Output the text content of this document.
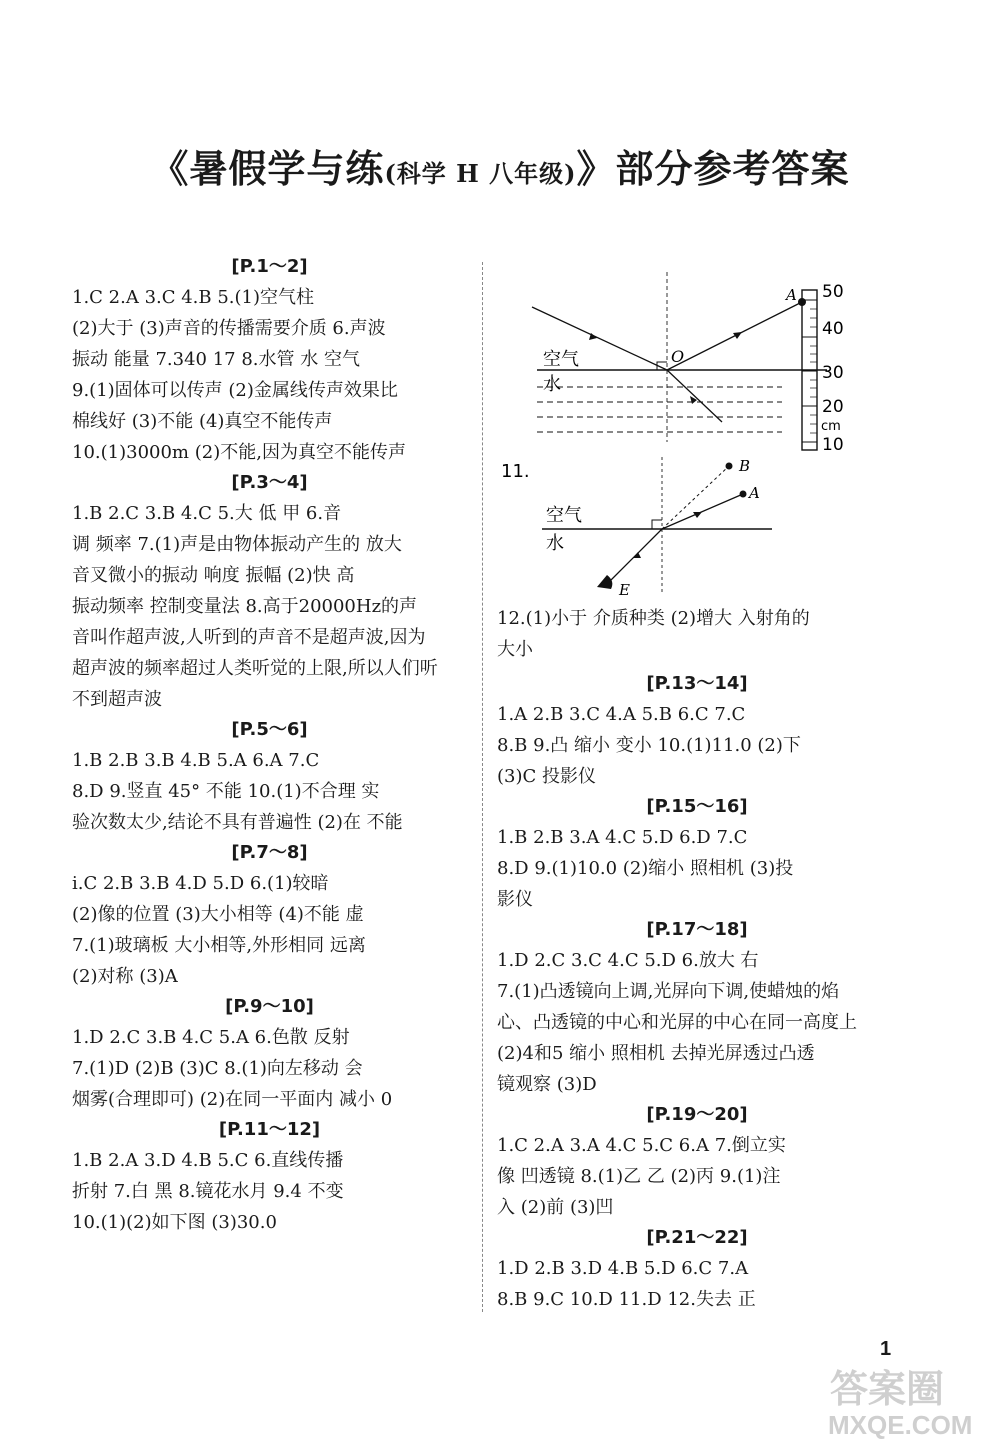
《暑假学与练(科学 H 八年级)》部分参考答案
[P.1～2]
1.C 2.A 3.C 4.B 5.(1)空气柱
(2)大于 (3)声音的传播需要介质 6.声波
振动 能量 7.340 17 8.水管 水 空气
9.(1)固体可以传声 (2)金属线传声效果比
棉线好 (3)不能 (4)真空不能传声
10.(1)3000m (2)不能,因为真空不能传声
[P.3～4]
1.B 2.C 3.B 4.C 5.大 低 甲 6.音
调 频率 7.(1)声是由物体振动产生的 放大
音叉微小的振动 响度 振幅 (2)快 高
振动频率 控制变量法 8.高于20000Hz的声
音叫作超声波,人听到的声音不是超声波,因为
超声波的频率超过人类听觉的上限,所以人们听
不到超声波
[P.5～6]
1.B 2.B 3.B 4.B 5.A 6.A 7.C
8.D 9.竖直 45° 不能 10.(1)不合理 实
验次数太少,结论不具有普遍性 (2)在 不能
[P.7～8]
i.C 2.B 3.B 4.D 5.D 6.(1)较暗
(2)像的位置 (3)大小相等 (4)不能 虚
7.(1)玻璃板 大小相等,外形相同 远离
(2)对称 (3)A
[P.9～10]
1.D 2.C 3.B 4.C 5.A 6.色散 反射
7.(1)D (2)B (3)C 8.(1)向左移动 会
烟雾(合理即可) (2)在同一平面内 减小 0
[P.11～12]
1.B 2.A 3.D 4.B 5.C 6.直线传播
折射 7.白 黑 8.镜花水月 9.4 不变
10.(1)(2)如下图 (3)30.0
空气
水
O
A 50
40
30
20
cm
10
11.
空气
水
B
A
E
12.(1)小于 介质种类 (2)增大 入射角的
大小
[P.13～14]
1.A 2.B 3.C 4.A 5.B 6.C 7.C
8.B 9.凸 缩小 变小 10.(1)11.0 (2)下
(3)C 投影仪
[P.15～16]
1.B 2.B 3.A 4.C 5.D 6.D 7.C
8.D 9.(1)10.0 (2)缩小 照相机 (3)投
影仪
[P.17～18]
1.D 2.C 3.C 4.C 5.D 6.放大 右
7.(1)凸透镜向上调,光屏向下调,使蜡烛的焰
心、凸透镜的中心和光屏的中心在同一高度上
(2)4和5 缩小 照相机 去掉光屏透过凸透
镜观察 (3)D
[P.19～20]
1.C 2.A 3.A 4.C 5.C 6.A 7.倒立实
像 凹透镜 8.(1)乙 乙 (2)丙 9.(1)注
入 (2)前 (3)凹
[P.21～22]
1.D 2.B 3.D 4.B 5.D 6.C 7.A
8.B 9.C 10.D 11.D 12.失去 正
1
答案圈
MXQE.COM
